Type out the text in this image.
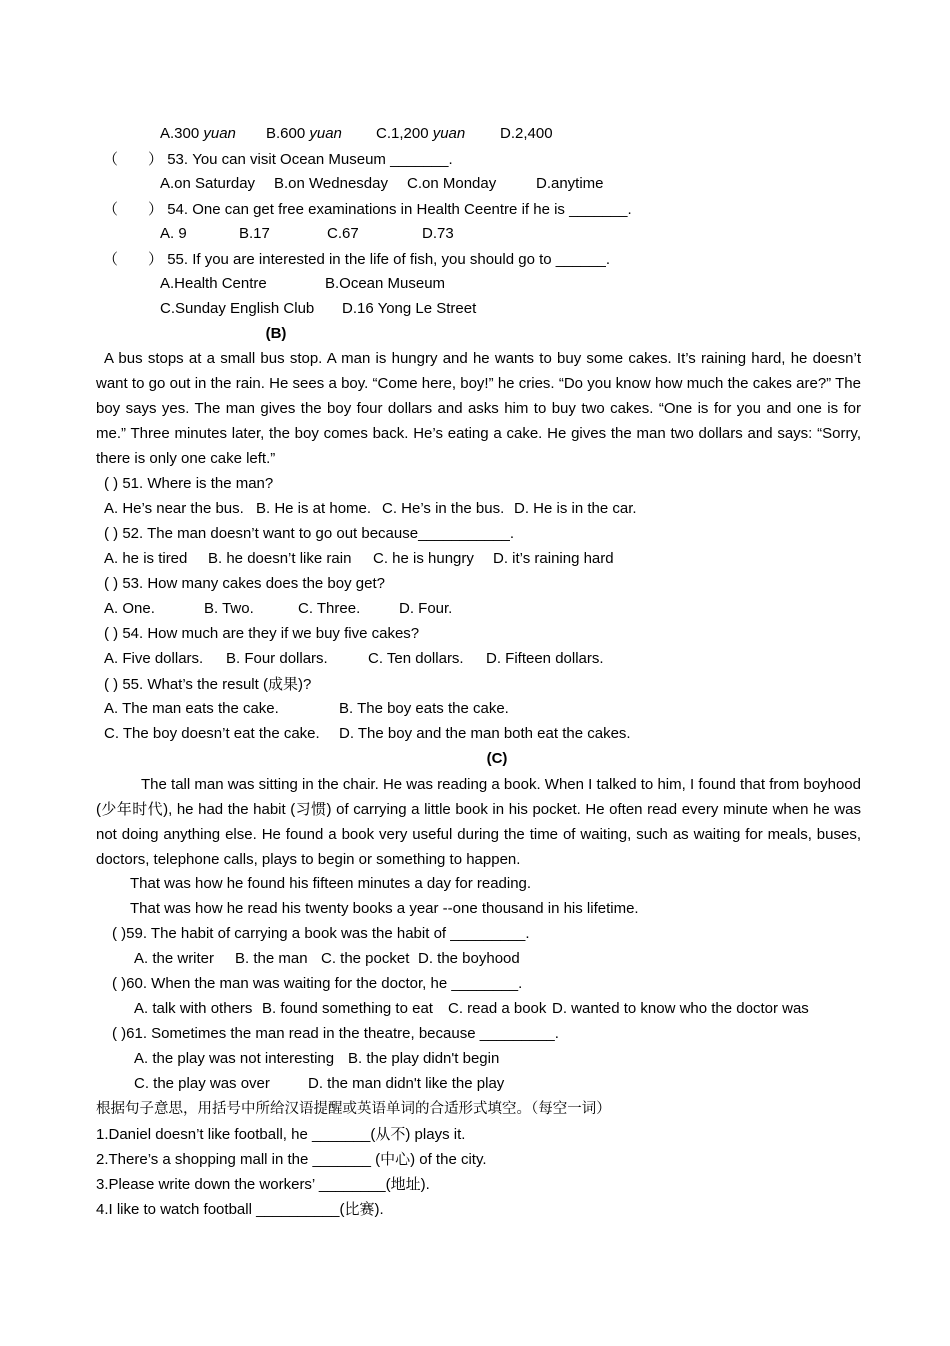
A.300 yuan B.600 yuan C.1,200 yuan D.2,400
（　　） 53. You can visit Ocean Museum _______.
A.on Saturday B.on Wednesday C.on Monday	D.anytime
（　　） 54. One can get free examinations in Health Ceentre if he is _______.
A. 9	B.17	C.67	D.73
（　　） 55. If you are interested in the life of fish, you should go to ______.
A.Health Centre	B.Ocean Museum
C.Sunday English Club D.16 Yong Le Street
(B)
A bus stops at a small bus stop. A man is hungry and he wants to buy some cakes. It’s raining hard, he doesn’t want to go out in the rain. He sees a boy. “Come here, boy!” he cries. “Do you know how much the cakes are?” The boy says yes. The man gives the boy four dollars and asks him to buy two cakes. “One is for you and one is for me.” Three minutes later, the boy comes back. He’s eating a cake. He gives the man two dollars and says: “Sorry, there is only one cake left.”
( ) 51. Where is the man?
A. He’s near the bus. B. He is at home. C. He’s in the bus. D. He is in the car.
( ) 52. The man doesn’t want to go out because___________.
A. he is tired B. he doesn’t like rain C. he is hungry D. it’s raining hard
( ) 53. How many cakes does the boy get?
A. One.	B. Two.	C. Three.	D. Four.
( ) 54. How much are they if we buy five cakes?
A. Five dollars. B. Four dollars.	C. Ten dollars. D. Fifteen dollars.
( ) 55. What’s the result (成果)?
A. The man eats the cake.	B. The boy eats the cake.
C. The boy doesn’t eat the cake. D. The boy and the man both eat the cakes.
(C)
The tall man was sitting in the chair. He was reading a book. When I talked to him, I found that from boyhood (少年时代), he had the habit (习惯) of carrying a little book in his pocket. He often read every minute when he was not doing anything else. He found a book very useful during the time of waiting, such as waiting for meals, buses, doctors, telephone calls, plays to begin or something to happen.
That was how he found his fifteen minutes a day for reading.
That was how he read his twenty books a year --one thousand in his lifetime.
( )59. The habit of carrying a book was the habit of _________.
A. the writer B. the man C. the pocket D. the boyhood
( )60. When the man was waiting for the doctor, he ________.
A. talk with others B. found something to eat C. read a book D. wanted to know who the doctor was
( )61. Sometimes the man read in the theatre, because _________.
A. the play was not interesting B. the play didn't begin
C. the play was over	D. the man didn't like the play
根据句子意思，用括号中所给汉语提醒或英语单词的合适形式填空。（每空一词）
1.Daniel doesn’t like football, he _______(从不) plays it.
2.There’s a shopping mall in the _______ (中心) of the city.
3.Please write down the workers’ ________(地址).
4.I like to watch football __________(比赛).
